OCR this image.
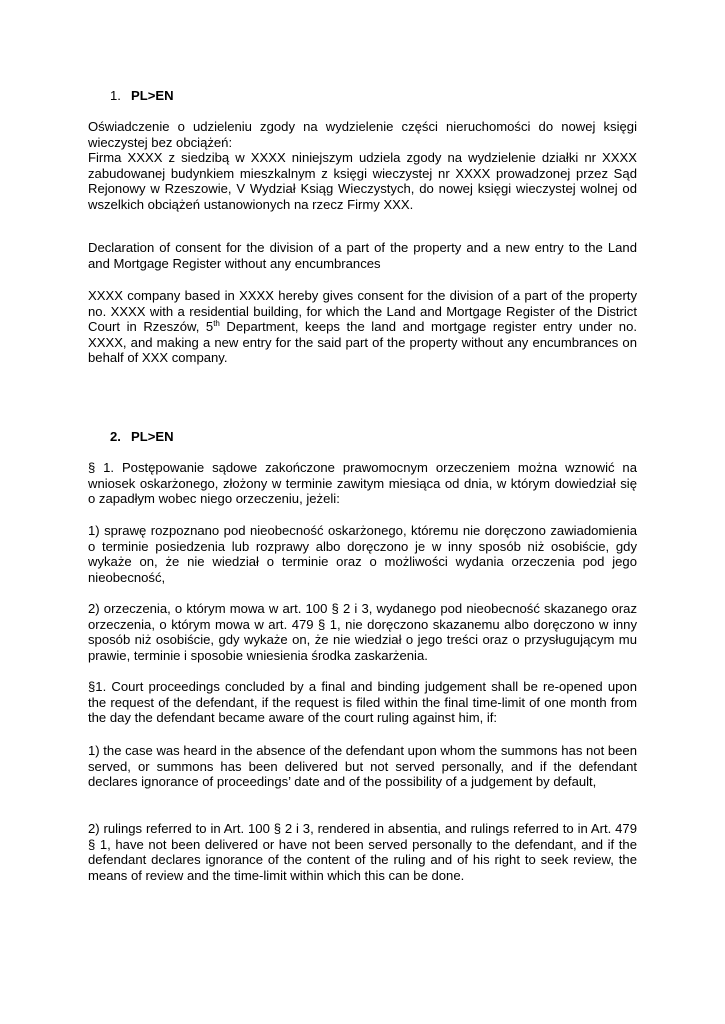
1. PL>EN

Oświadczenie o udzieleniu zgody na wydzielenie części nieruchomości do nowej księgi wieczystej bez obciążeń:

Firma XXXX z siedzibą w XXXX niniejszym udziela zgody na wydzielenie działki nr XXXX zabudowanej budynkiem mieszkalnym z księgi wieczystej nr XXXX prowadzonej przez Sąd Rejonowy w Rzeszowie, V Wydział Ksiąg Wieczystych, do nowej księgi wieczystej wolnej od wszelkich obciążeń ustanowionych na rzecz Firmy XXX.

Declaration of consent for the division of a part of the property and a new entry to the Land and Mortgage Register without any encumbrances

XXXX company based in XXXX hereby gives consent for the division of a part of the property no. XXXX with a residential building, for which the Land and Mortgage Register of the District Court in Rzeszów, 5th Department, keeps the land and mortgage register entry under no. XXXX, and making a new entry for the said part of the property without any encumbrances on behalf of XXX company.

2. PL>EN

§ 1. Postępowanie sądowe zakończone prawomocnym orzeczeniem można wznowić na wniosek oskarżonego, złożony w terminie zawitym miesiąca od dnia, w którym dowiedział się o zapadłym wobec niego orzeczeniu, jeżeli:

1) sprawę rozpoznano pod nieobecność oskarżonego, któremu nie doręczono zawiadomienia o terminie posiedzenia lub rozprawy albo doręczono je w inny sposób niż osobiście, gdy wykaże on, że nie wiedział o terminie oraz o możliwości wydania orzeczenia pod jego nieobecność,

2) orzeczenia, o którym mowa w art. 100 § 2 i 3, wydanego pod nieobecność skazanego oraz orzeczenia, o którym mowa w art. 479 § 1, nie doręczono skazanemu albo doręczono w inny sposób niż osobiście, gdy wykaże on, że nie wiedział o jego treści oraz o przysługującym mu prawie, terminie i sposobie wniesienia środka zaskarżenia.

§1. Court proceedings concluded by a final and binding judgement shall be re-opened upon the request of the defendant, if the request is filed within the final time-limit of one month from the day the defendant became aware of the court ruling against him, if:

1) the case was heard in the absence of the defendant upon whom the summons has not been served, or summons has been delivered but not served personally, and if the defendant declares ignorance of proceedings’ date and of the possibility of a judgement by default,

2) rulings referred to in Art. 100 § 2 i 3, rendered in absentia, and rulings referred to in Art. 479 § 1, have not been delivered or have not been served personally to the defendant, and if the defendant declares ignorance of the content of the ruling and of his right to seek review, the means of review and the time-limit within which this can be done.
